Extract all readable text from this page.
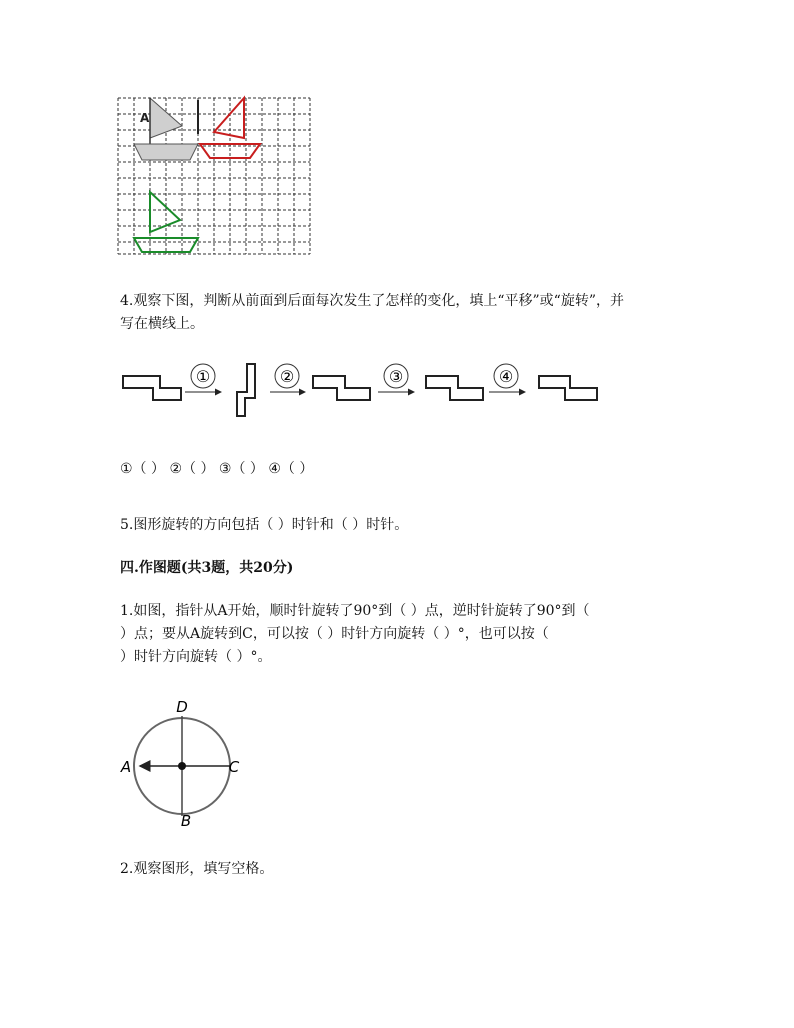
A
4.观察下图，判断从前面到后面每次发生了怎样的变化，填上“平移”或“旋转”，并
写在横线上。
①	②	③	④
①（ ） ②（ ） ③（ ） ④（ ）
5.图形旋转的方向包括（ ）时针和（ ）时针。
四.作图题(共3题，共20分)
1.如图，指针从A开始，顺时针旋转了90°到（ ）点，逆时针旋转了90°到（
）点；要从A旋转到C，可以按（ ）时针方向旋转（ ）°，也可以按（
）时针方向旋转（ ）°。
D
A	C
B
2.观察图形，填写空格。
